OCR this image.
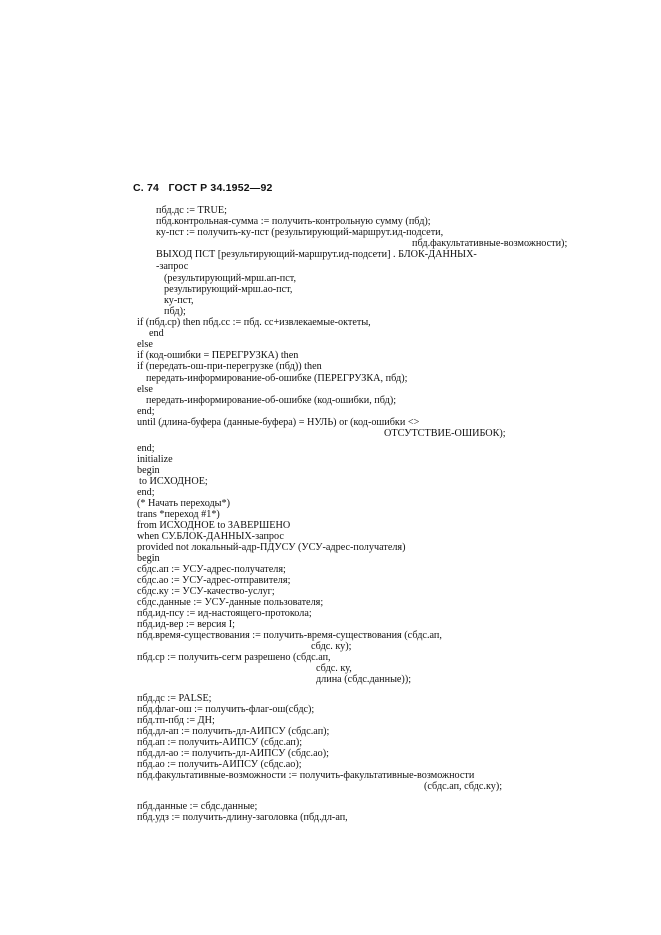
С. 74 ГОСТ Р 34.1952—92
пбд.дс := TRUE;
пбд.контрольная-сумма := получить-контрольную сумму (пбд);
ку-пст := получить-ку-пст (результирующий-маршрут.ид-подсети,
пбд.факультативные-возможности);
ВЫХОД ПСТ [результирующий-маршрут.ид-подсети] . БЛОК-ДАННЫХ-
-запрос
(результирующий-мрш.ап-пст,
результирующий-мрш.ао-пст,
ку-пст,
пбд);
if (пбд.ср) then пбд.сс := пбд. сс+извлекаемые-октеты,
end
else
if (код-ошибки = ПЕРЕГРУЗКА) then
if (передать-ош-при-перегрузке (пбд)) then
передать-информирование-об-ошибке (ПЕРЕГРУЗКА, пбд);
else
передать-информирование-об-ошибке (код-ошибки, пбд);
end;
until (длина-буфера (данные-буфера) = НУЛЬ) or (код-ошибки <>
ОТСУТСТВИЕ-ОШИБОК);
end;
initialize
begin
to ИСХОДНОЕ;
end;
(* Начать переходы*)
trans *переход #1*)
from ИСХОДНОЕ to ЗАВЕРШЕНО
when СУ.БЛОК-ДАННЫХ-запрос
provided not локальный-адр-ПДУСУ (УСУ-адрес-получателя)
begin
сбдс.ап := УСУ-адрес-получателя;
сбдс.ао := УСУ-адрес-отправителя;
сбдс.ку := УСУ-качество-услуг;
сбдс.данные := УСУ-данные пользователя;
пбд.ид-псу := ид-настоящего-протокола;
пбд.ид-вер := версия I;
пбд.время-существования := получить-время-существования (сбдс.ап,
сбдс. ку);
пбд.ср := получить-сегм разрешено (сбдс.ап,
сбдс. ку,
длина (сбдс.данные));
пбд.дс := PALSE;
пбд.флаг-ош := получить-флаг-ош(сбдс);
пбд.тп-пбд := ДН;
пбд.дл-ап := получить-дл-АИПСУ (сбдс.ап);
пбд.ап := получить-АИПСУ (сбдс.ап);
пбд.дл-ао := получить-дл-АИПСУ (сбдс.ао);
пбд.ао := получить-АИПСУ (сбдс.ао);
пбд.факультативные-возможности := получить-факультативные-возможности
(сбдс.ап, сбдс.ку);
пбд.данные := сбдс.данные;
пбд.удз := получить-длину-заголовка (пбд.дл-ап,
